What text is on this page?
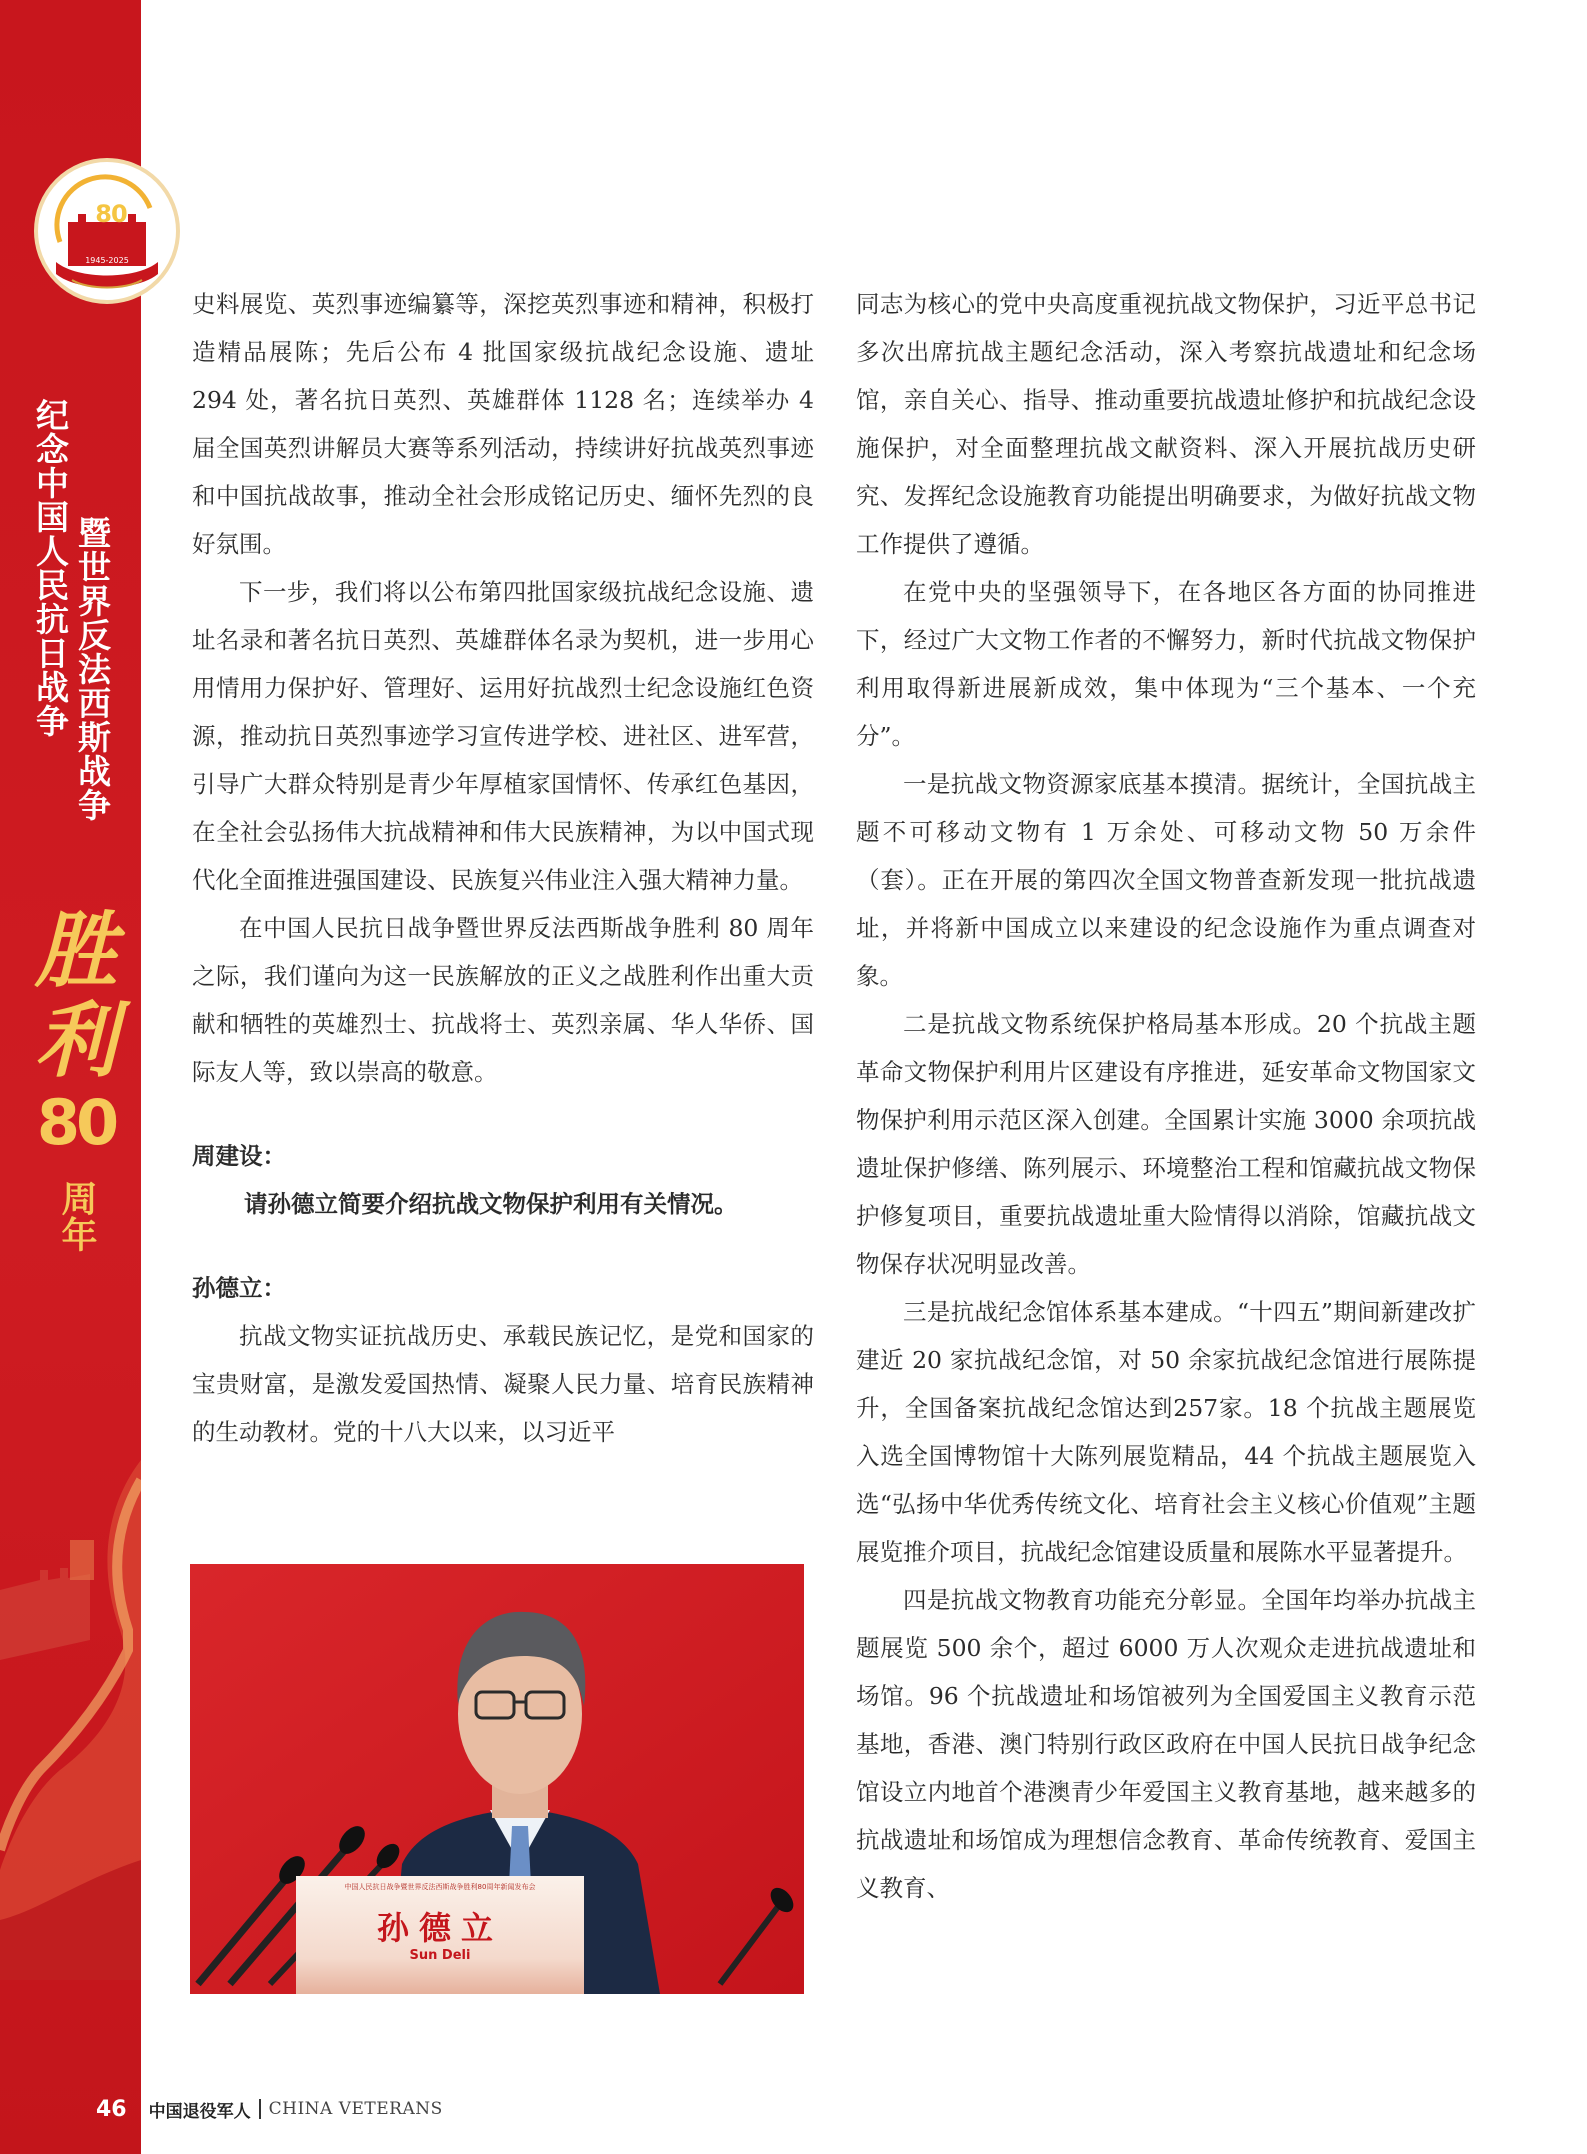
80
1945-2025
纪念中国人民抗日战争 暨世界反法西斯战争
胜
利
80
周年

史料展览、英烈事迹编纂等，深挖英烈事迹和精神，积极打造精品展陈；先后公布 4 批国家级抗战纪念设施、遗址 294 处，著名抗日英烈、英雄群体 1128 名；连续举办 4 届全国英烈讲解员大赛等系列活动，持续讲好抗战英烈事迹和中国抗战故事，推动全社会形成铭记历史、缅怀先烈的良好氛围。

下一步，我们将以公布第四批国家级抗战纪念设施、遗址名录和著名抗日英烈、英雄群体名录为契机，进一步用心用情用力保护好、管理好、运用好抗战烈士纪念设施红色资源，推动抗日英烈事迹学习宣传进学校、进社区、进军营，引导广大群众特别是青少年厚植家国情怀、传承红色基因，在全社会弘扬伟大抗战精神和伟大民族精神，为以中国式现代化全面推进强国建设、民族复兴伟业注入强大精神力量。

在中国人民抗日战争暨世界反法西斯战争胜利 80 周年之际，我们谨向为这一民族解放的正义之战胜利作出重大贡献和牺牲的英雄烈士、抗战将士、英烈亲属、华人华侨、国际友人等，致以崇高的敬意。

周建设：

请孙德立简要介绍抗战文物保护利用有关情况。

孙德立：

抗战文物实证抗战历史、承载民族记忆，是党和国家的宝贵财富，是激发爱国热情、凝聚人民力量、培育民族精神的生动教材。党的十八大以来，以习近平

中国人民抗日战争暨世界反法西斯战争胜利80周年新闻发布会
孙德立
Sun Deli

同志为核心的党中央高度重视抗战文物保护，习近平总书记多次出席抗战主题纪念活动，深入考察抗战遗址和纪念场馆，亲自关心、指导、推动重要抗战遗址修护和抗战纪念设施保护，对全面整理抗战文献资料、深入开展抗战历史研究、发挥纪念设施教育功能提出明确要求，为做好抗战文物工作提供了遵循。

在党中央的坚强领导下，在各地区各方面的协同推进下，经过广大文物工作者的不懈努力，新时代抗战文物保护利用取得新进展新成效，集中体现为“三个基本、一个充分”。

一是抗战文物资源家底基本摸清。据统计，全国抗战主题不可移动文物有 1 万余处、可移动文物 50 万余件（套）。正在开展的第四次全国文物普查新发现一批抗战遗址，并将新中国成立以来建设的纪念设施作为重点调查对象。

二是抗战文物系统保护格局基本形成。20 个抗战主题革命文物保护利用片区建设有序推进，延安革命文物国家文物保护利用示范区深入创建。全国累计实施 3000 余项抗战遗址保护修缮、陈列展示、环境整治工程和馆藏抗战文物保护修复项目，重要抗战遗址重大险情得以消除，馆藏抗战文物保存状况明显改善。

三是抗战纪念馆体系基本建成。“十四五”期间新建改扩建近 20 家抗战纪念馆，对 50 余家抗战纪念馆进行展陈提升，全国备案抗战纪念馆达到257家。18 个抗战主题展览入选全国博物馆十大陈列展览精品，44 个抗战主题展览入选“弘扬中华优秀传统文化、培育社会主义核心价值观”主题展览推介项目，抗战纪念馆建设质量和展陈水平显著提升。

四是抗战文物教育功能充分彰显。全国年均举办抗战主题展览 500 余个，超过 6000 万人次观众走进抗战遗址和场馆。96 个抗战遗址和场馆被列为全国爱国主义教育示范基地，香港、澳门特别行政区政府在中国人民抗日战争纪念馆设立内地首个港澳青少年爱国主义教育基地，越来越多的抗战遗址和场馆成为理想信念教育、革命传统教育、爱国主义教育、

46 中国退役军人 CHINA VETERANS
